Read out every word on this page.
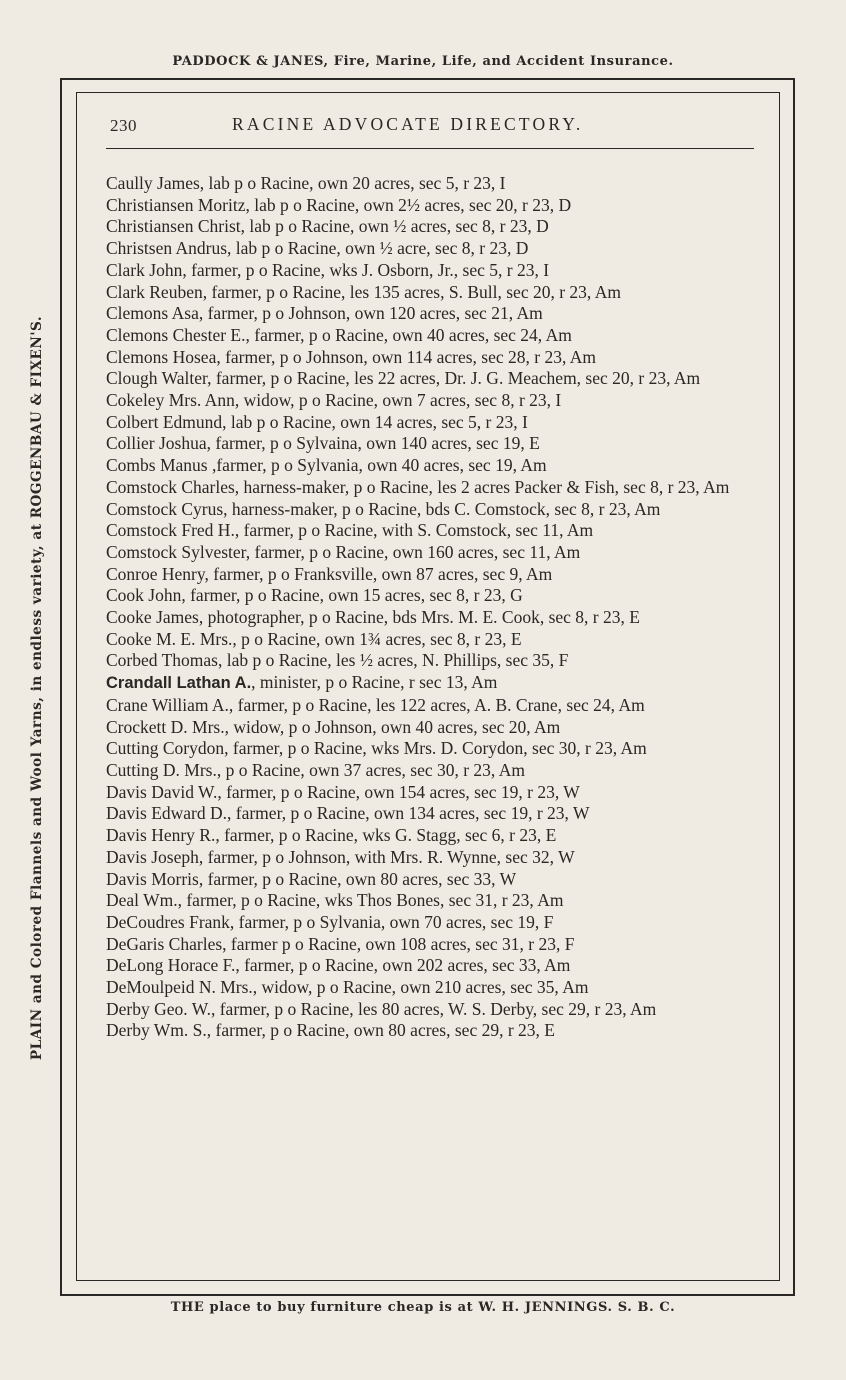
PADDOCK & JANES, Fire, Marine, Life, and Accident Insurance.
PLAIN and Colored Flannels and Wool Yarns, in endless variety, at ROGGENBAU & FIXEN'S.
230	RACINE ADVOCATE DIRECTORY.
Caully James, lab p o Racine, own 20 acres, sec 5, r 23, I
Christiansen Moritz, lab p o Racine, own 2½ acres, sec 20, r 23, D
Christiansen Christ, lab p o Racine, own ½ acres, sec 8, r 23, D
Christsen Andrus, lab p o Racine, own ½ acre, sec 8, r 23, D
Clark John, farmer, p o Racine, wks J. Osborn, Jr., sec 5, r 23, I
Clark Reuben, farmer, p o Racine, les 135 acres, S. Bull, sec 20, r 23, Am
Clemons Asa, farmer, p o Johnson, own 120 acres, sec 21, Am
Clemons Chester E., farmer, p o Racine, own 40 acres, sec 24, Am
Clemons Hosea, farmer, p o Johnson, own 114 acres, sec 28, r 23, Am
Clough Walter, farmer, p o Racine, les 22 acres, Dr. J. G. Meachem, sec 20, r 23, Am
Cokeley Mrs. Ann, widow, p o Racine, own 7 acres, sec 8, r 23, I
Colbert Edmund, lab p o Racine, own 14 acres, sec 5, r 23, I
Collier Joshua, farmer, p o Sylvaina, own 140 acres, sec 19, E
Combs Manus ,farmer, p o Sylvania, own 40 acres, sec 19, Am
Comstock Charles, harness-maker, p o Racine, les 2 acres Packer & Fish, sec 8, r 23, Am
Comstock Cyrus, harness-maker, p o Racine, bds C. Comstock, sec 8, r 23, Am
Comstock Fred H., farmer, p o Racine, with S. Comstock, sec 11, Am
Comstock Sylvester, farmer, p o Racine, own 160 acres, sec 11, Am
Conroe Henry, farmer, p o Franksville, own 87 acres, sec 9, Am
Cook John, farmer, p o Racine, own 15 acres, sec 8, r 23, G
Cooke James, photographer, p o Racine, bds Mrs. M. E. Cook, sec 8, r 23, E
Cooke M. E. Mrs., p o Racine, own 1¾ acres, sec 8, r 23, E
Corbed Thomas, lab p o Racine, les ½ acres, N. Phillips, sec 35, F
Crandall Lathan A., minister, p o Racine, r sec 13, Am
Crane William A., farmer, p o Racine, les 122 acres, A. B. Crane, sec 24, Am
Crockett D. Mrs., widow, p o Johnson, own 40 acres, sec 20, Am
Cutting Corydon, farmer, p o Racine, wks Mrs. D. Corydon, sec 30, r 23, Am
Cutting D. Mrs., p o Racine, own 37 acres, sec 30, r 23, Am
Davis David W., farmer, p o Racine, own 154 acres, sec 19, r 23, W
Davis Edward D., farmer, p o Racine, own 134 acres, sec 19, r 23, W
Davis Henry R., farmer, p o Racine, wks G. Stagg, sec 6, r 23, E
Davis Joseph, farmer, p o Johnson, with Mrs. R. Wynne, sec 32, W
Davis Morris, farmer, p o Racine, own 80 acres, sec 33, W
Deal Wm., farmer, p o Racine, wks Thos Bones, sec 31, r 23, Am
DeCoudres Frank, farmer, p o Sylvania, own 70 acres, sec 19, F
DeGaris Charles, farmer p o Racine, own 108 acres, sec 31, r 23, F
DeLong Horace F., farmer, p o Racine, own 202 acres, sec 33, Am
DeMoulpeid N. Mrs., widow, p o Racine, own 210 acres, sec 35, Am
Derby Geo. W., farmer, p o Racine, les 80 acres, W. S. Derby, sec 29, r 23, Am
Derby Wm. S., farmer, p o Racine, own 80 acres, sec 29, r 23, E
THE place to buy furniture cheap is at W. H. JENNINGS. S. B. C.
